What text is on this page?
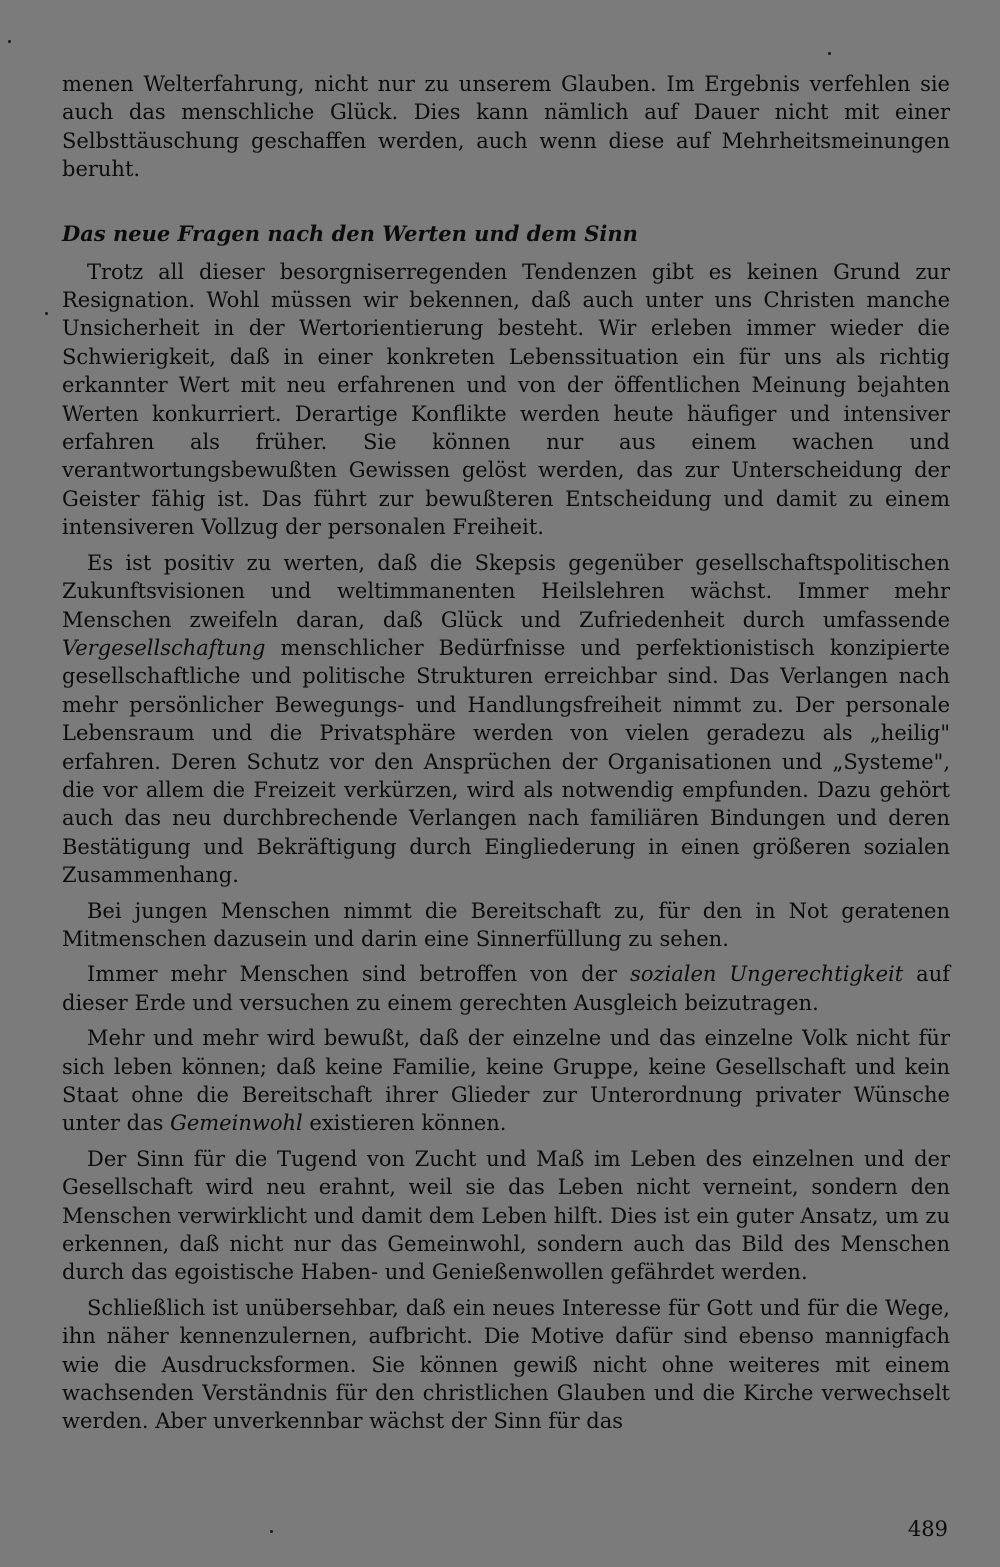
menen Welterfahrung, nicht nur zu unserem Glauben. Im Ergebnis verfehlen sie auch das menschliche Glück. Dies kann nämlich auf Dauer nicht mit einer Selbsttäuschung geschaffen werden, auch wenn diese auf Mehrheitsmeinungen beruht.

Das neue Fragen nach den Werten und dem Sinn

Trotz all dieser besorgniserregenden Tendenzen gibt es keinen Grund zur Resignation. Wohl müssen wir bekennen, daß auch unter uns Christen manche Unsicherheit in der Wertorientierung besteht. Wir erleben immer wieder die Schwierigkeit, daß in einer konkreten Lebenssituation ein für uns als richtig erkannter Wert mit neu erfahrenen und von der öffentlichen Meinung bejahten Werten konkurriert. Derartige Konflikte werden heute häufiger und intensiver erfahren als früher. Sie können nur aus einem wachen und verantwortungsbewußten Gewissen gelöst werden, das zur Unterscheidung der Geister fähig ist. Das führt zur bewußteren Entscheidung und damit zu einem intensiveren Vollzug der personalen Freiheit.

Es ist positiv zu werten, daß die Skepsis gegenüber gesellschaftspolitischen Zukunftsvisionen und weltimmanenten Heilslehren wächst. Immer mehr Menschen zweifeln daran, daß Glück und Zufriedenheit durch umfassende Vergesellschaftung menschlicher Bedürfnisse und perfektionistisch konzipierte gesellschaftliche und politische Strukturen erreichbar sind. Das Verlangen nach mehr persönlicher Bewegungs- und Handlungsfreiheit nimmt zu. Der personale Lebensraum und die Privatsphäre werden von vielen geradezu als „heilig" erfahren. Deren Schutz vor den Ansprüchen der Organisationen und „Systeme", die vor allem die Freizeit verkürzen, wird als notwendig empfunden. Dazu gehört auch das neu durchbrechende Verlangen nach familiären Bindungen und deren Bestätigung und Bekräftigung durch Eingliederung in einen größeren sozialen Zusammenhang.

Bei jungen Menschen nimmt die Bereitschaft zu, für den in Not geratenen Mitmenschen dazusein und darin eine Sinnerfüllung zu sehen.

Immer mehr Menschen sind betroffen von der sozialen Ungerechtigkeit auf dieser Erde und versuchen zu einem gerechten Ausgleich beizutragen.

Mehr und mehr wird bewußt, daß der einzelne und das einzelne Volk nicht für sich leben können; daß keine Familie, keine Gruppe, keine Gesellschaft und kein Staat ohne die Bereitschaft ihrer Glieder zur Unterordnung privater Wünsche unter das Gemeinwohl existieren können.

Der Sinn für die Tugend von Zucht und Maß im Leben des einzelnen und der Gesellschaft wird neu erahnt, weil sie das Leben nicht verneint, sondern den Menschen verwirklicht und damit dem Leben hilft. Dies ist ein guter Ansatz, um zu erkennen, daß nicht nur das Gemeinwohl, sondern auch das Bild des Menschen durch das egoistische Haben- und Genießenwollen gefährdet werden.

Schließlich ist unübersehbar, daß ein neues Interesse für Gott und für die Wege, ihn näher kennenzulernen, aufbricht. Die Motive dafür sind ebenso mannigfach wie die Ausdrucksformen. Sie können gewiß nicht ohne weiteres mit einem wachsenden Verständnis für den christlichen Glauben und die Kirche verwechselt werden. Aber unverkennbar wächst der Sinn für das

489
